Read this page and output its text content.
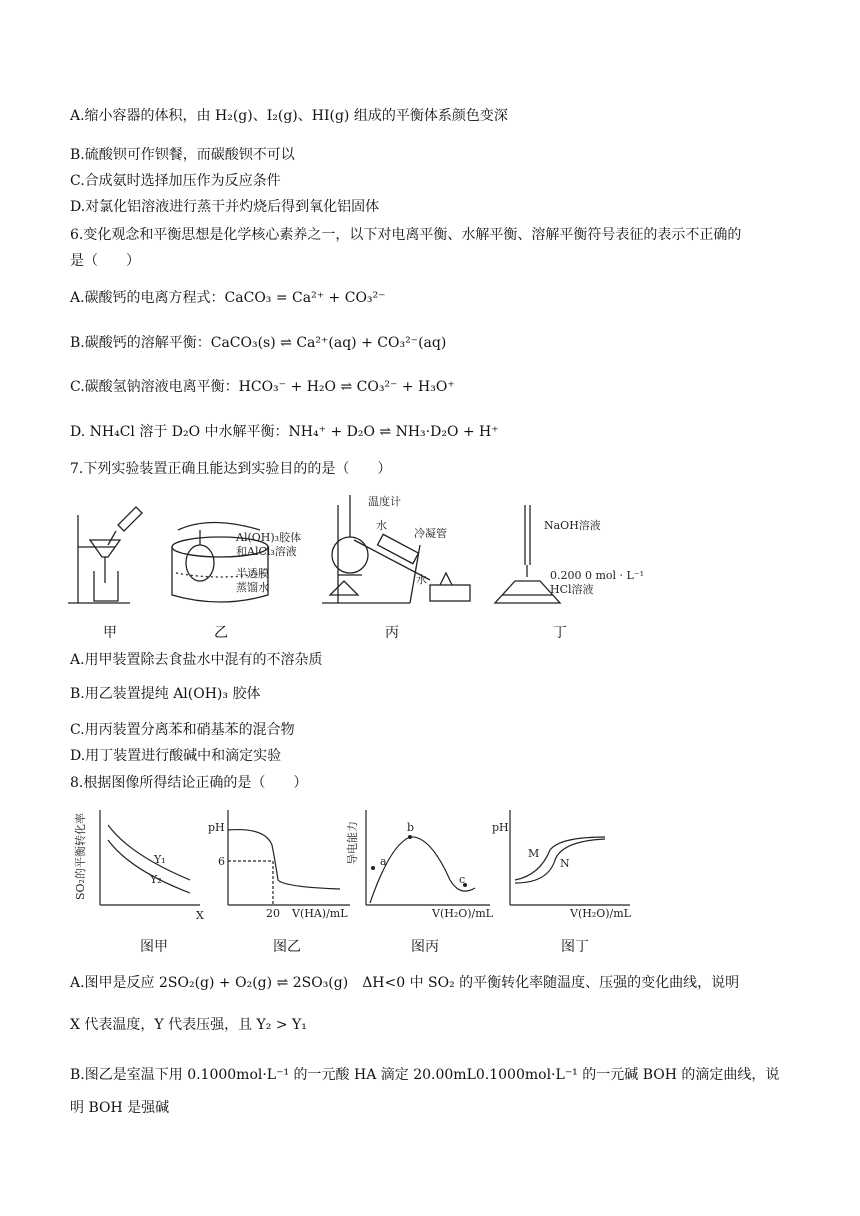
A.缩小容器的体积，由 H₂(g)、I₂(g)、HI(g) 组成的平衡体系颜色变深
B.硫酸钡可作钡餐，而碳酸钡不可以
C.合成氨时选择加压作为反应条件
D.对氯化铝溶液进行蒸干并灼烧后得到氧化铝固体
6.变化观念和平衡思想是化学核心素养之一，以下对电离平衡、水解平衡、溶解平衡符号表征的表示不正确的
是（　　）
A.碳酸钙的电离方程式：CaCO₃ = Ca²⁺ + CO₃²⁻
B.碳酸钙的溶解平衡：CaCO₃(s) ⇌ Ca²⁺(aq) + CO₃²⁻(aq)
C.碳酸氢钠溶液电离平衡：HCO₃⁻ + H₂O ⇌ CO₃²⁻ + H₃O⁺
D. NH₄Cl 溶于 D₂O 中水解平衡：NH₄⁺ + D₂O ⇌ NH₃·D₂O + H⁺
7.下列实验装置正确且能达到实验目的的是（　　）
Al(OH)₃胶体
和AlCl₃溶液
半透膜
蒸馏水
温度计
水
冷凝管
水
NaOH溶液
0.200 0 mol · L⁻¹
HCl溶液
甲	乙	丙	丁
A.用甲装置除去食盐水中混有的不溶杂质
B.用乙装置提纯 Al(OH)₃ 胶体
C.用丙装置分离苯和硝基苯的混合物
D.用丁装置进行酸碱中和滴定实验
8.根据图像所得结论正确的是（　　）
SO₂的平衡转化率
X
Y₁
Y₂
pH
6
20 V(HA)/mL
导电能力 a
b
c
V(H₂O)/mL
pH
M
N
V(H₂O)/mL
图甲	图乙	图丙	图丁
A.图甲是反应 2SO₂(g) + O₂(g) ⇌ 2SO₃(g)　ΔH<0 中 SO₂ 的平衡转化率随温度、压强的变化曲线，说明
X 代表温度，Y 代表压强，且 Y₂ > Y₁
B.图乙是室温下用 0.1000mol·L⁻¹ 的一元酸 HA 滴定 20.00mL0.1000mol·L⁻¹ 的一元碱 BOH 的滴定曲线，说
明 BOH 是强碱
